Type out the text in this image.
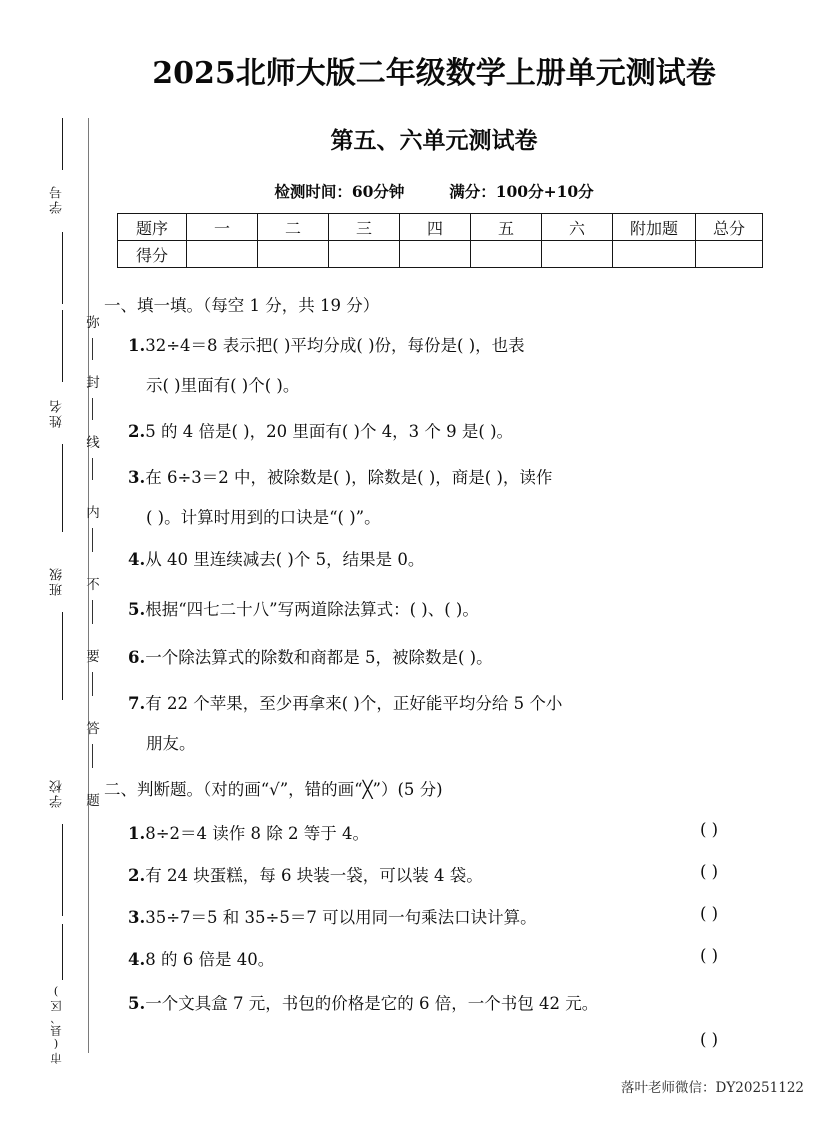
学号
姓名
班级
学校
市(县、区)
弥
封
线
内
不
要
答
题
2025北师大版二年级数学上册单元测试卷
第五、六单元测试卷
检测时间：60分钟	满分：100分+10分
题序	一	二	三	四	五	六	附加题	总分
得分								
一、填一填。（每空 1 分，共 19 分）
1.32÷4＝8 表示把( )平均分成( )份，每份是( )，也表
示( )里面有( )个( )。
2.5 的 4 倍是( )，20 里面有( )个 4，3 个 9 是( )。
3.在 6÷3＝2 中，被除数是( )，除数是( )，商是( )，读作
( )。计算时用到的口诀是“( )”。
4.从 40 里连续减去( )个 5，结果是 0。
5.根据“四七二十八”写两道除法算式：( )、( )。
6.一个除法算式的除数和商都是 5，被除数是( )。
7.有 22 个苹果，至少再拿来( )个，正好能平均分给 5 个小
朋友。
二、判断题。（对的画“√”，错的画“╳”）(5 分)
1.8÷2＝4 读作 8 除 2 等于 4。	( )
2.有 24 块蛋糕，每 6 块装一袋，可以装 4 袋。	( )
3.35÷7＝5 和 35÷5＝7 可以用同一句乘法口诀计算。	( )
4.8 的 6 倍是 40。	( )
5.一个文具盒 7 元，书包的价格是它的 6 倍，一个书包 42 元。
( )
落叶老师微信：DY20251122
